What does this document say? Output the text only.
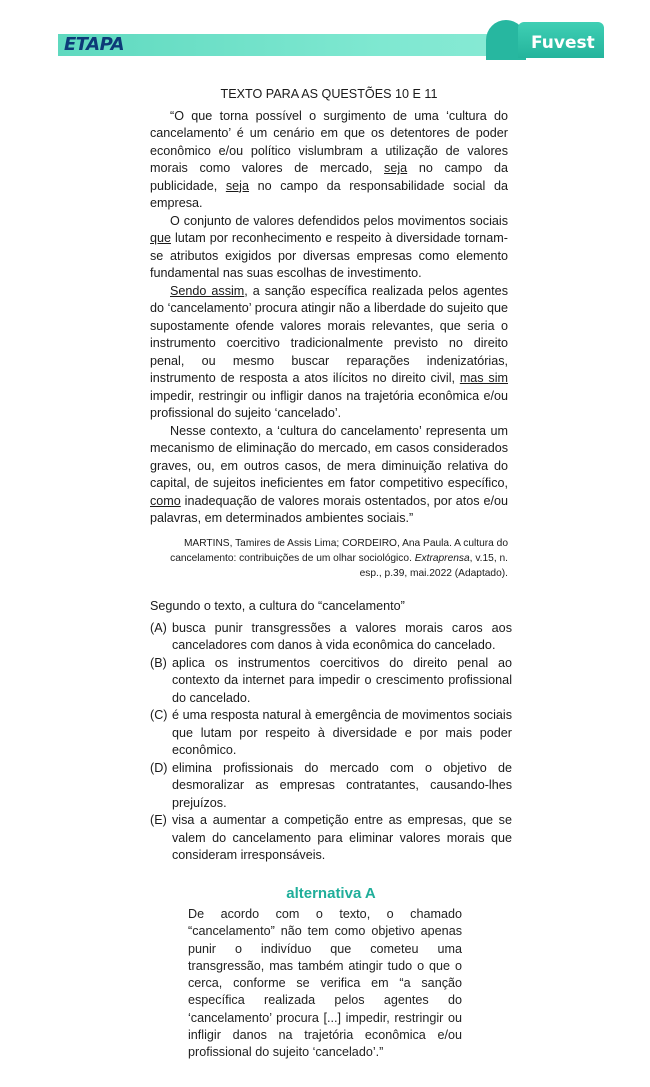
ETAPA	Fuvest
TEXTO PARA AS QUESTÕES 10 E 11

“O que torna possível o surgimento de uma ‘cultura do cancelamento’ é um cenário em que os detentores de poder econômico e/ou político vislumbram a utilização de valores morais como valores de mercado, seja no campo da publicidade, seja no campo da responsabilidade social da empresa.

O conjunto de valores defendidos pelos movimentos sociais que lutam por reconhecimento e respeito à diversidade tornam-se atributos exigidos por diversas empresas como elemento fundamental nas suas escolhas de investimento.

Sendo assim, a sanção específica realizada pelos agentes do ‘cancelamento’ procura atingir não a liberdade do sujeito que supostamente ofende valores morais relevantes, que seria o instrumento coercitivo tradicionalmente previsto no direito penal, ou mesmo buscar reparações indenizatórias, instrumento de resposta a atos ilícitos no direito civil, mas sim impedir, restringir ou infligir danos na trajetória econômica e/ou profissional do sujeito ‘cancelado’.

Nesse contexto, a ‘cultura do cancelamento’ representa um mecanismo de eliminação do mercado, em casos considerados graves, ou, em outros casos, de mera diminuição relativa do capital, de sujeitos ineficientes em fator competitivo específico, como inadequação de valores morais ostentados, por atos e/ou palavras, em determinados ambientes sociais.”

MARTINS, Tamires de Assis Lima; CORDEIRO, Ana Paula. A cultura do cancelamento: contribuições de um olhar sociológico. Extraprensa, v.15, n. esp., p.39, mai.2022 (Adaptado).
Segundo o texto, a cultura do “cancelamento”
(A) busca punir transgressões a valores morais caros aos canceladores com danos à vida econômica do cancelado.
(B) aplica os instrumentos coercitivos do direito penal ao contexto da internet para impedir o crescimento profissional do cancelado.
(C) é uma resposta natural à emergência de movimentos sociais que lutam por respeito à diversidade e por mais poder econômico.
(D) elimina profissionais do mercado com o objetivo de desmoralizar as empresas contratantes, causando-lhes prejuízos.
(E) visa a aumentar a competição entre as empresas, que se valem do cancelamento para eliminar valores morais que consideram irresponsáveis.
alternativa A
De acordo com o texto, o chamado “cancelamento” não tem como objetivo apenas punir o indivíduo que cometeu uma transgressão, mas também atingir tudo o que o cerca, conforme se verifica em “a sanção específica realizada pelos agentes do ‘cancelamento’ procura [...] impedir, restringir ou infligir danos na trajetória econômica e/ou profissional do sujeito ‘cancelado’.”
